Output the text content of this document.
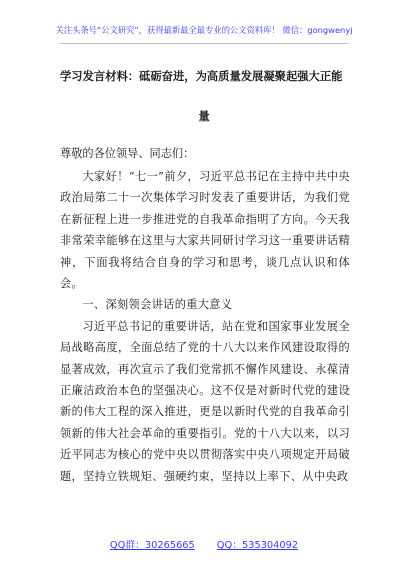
关注头条号“公文研究”，获得最新最全最专业的公文资料库！ 微信：gongwenyj
学习发言材料：砥砺奋进，为高质量发展凝聚起强大正能
量
尊敬的各位领导、同志们：

大家好！“七一”前夕，习近平总书记在主持中共中央政治局第二十一次集体学习时发表了重要讲话，为我们党在新征程上进一步推进党的自我革命指明了方向。今天我非常荣幸能够在这里与大家共同研讨学习这一重要讲话精神，下面我将结合自身的学习和思考，谈几点认识和体会。

一、深刻领会讲话的重大意义

习近平总书记的重要讲话，站在党和国家事业发展全局战略高度，全面总结了党的十八大以来作风建设取得的显著成效，再次宣示了我们党常抓不懈作风建设、永葆清正廉洁政治本色的坚强决心。这不仅是对新时代党的建设新的伟大工程的深入推进，更是以新时代党的自我革命引领新的伟大社会革命的重要指引。党的十八大以来，以习近平同志为核心的党中央以贯彻落实中央八项规定开局破题，坚持立铁规矩、强硬约束，坚持以上率下、从中央政

QQ群：30265665 QQ：535304092
